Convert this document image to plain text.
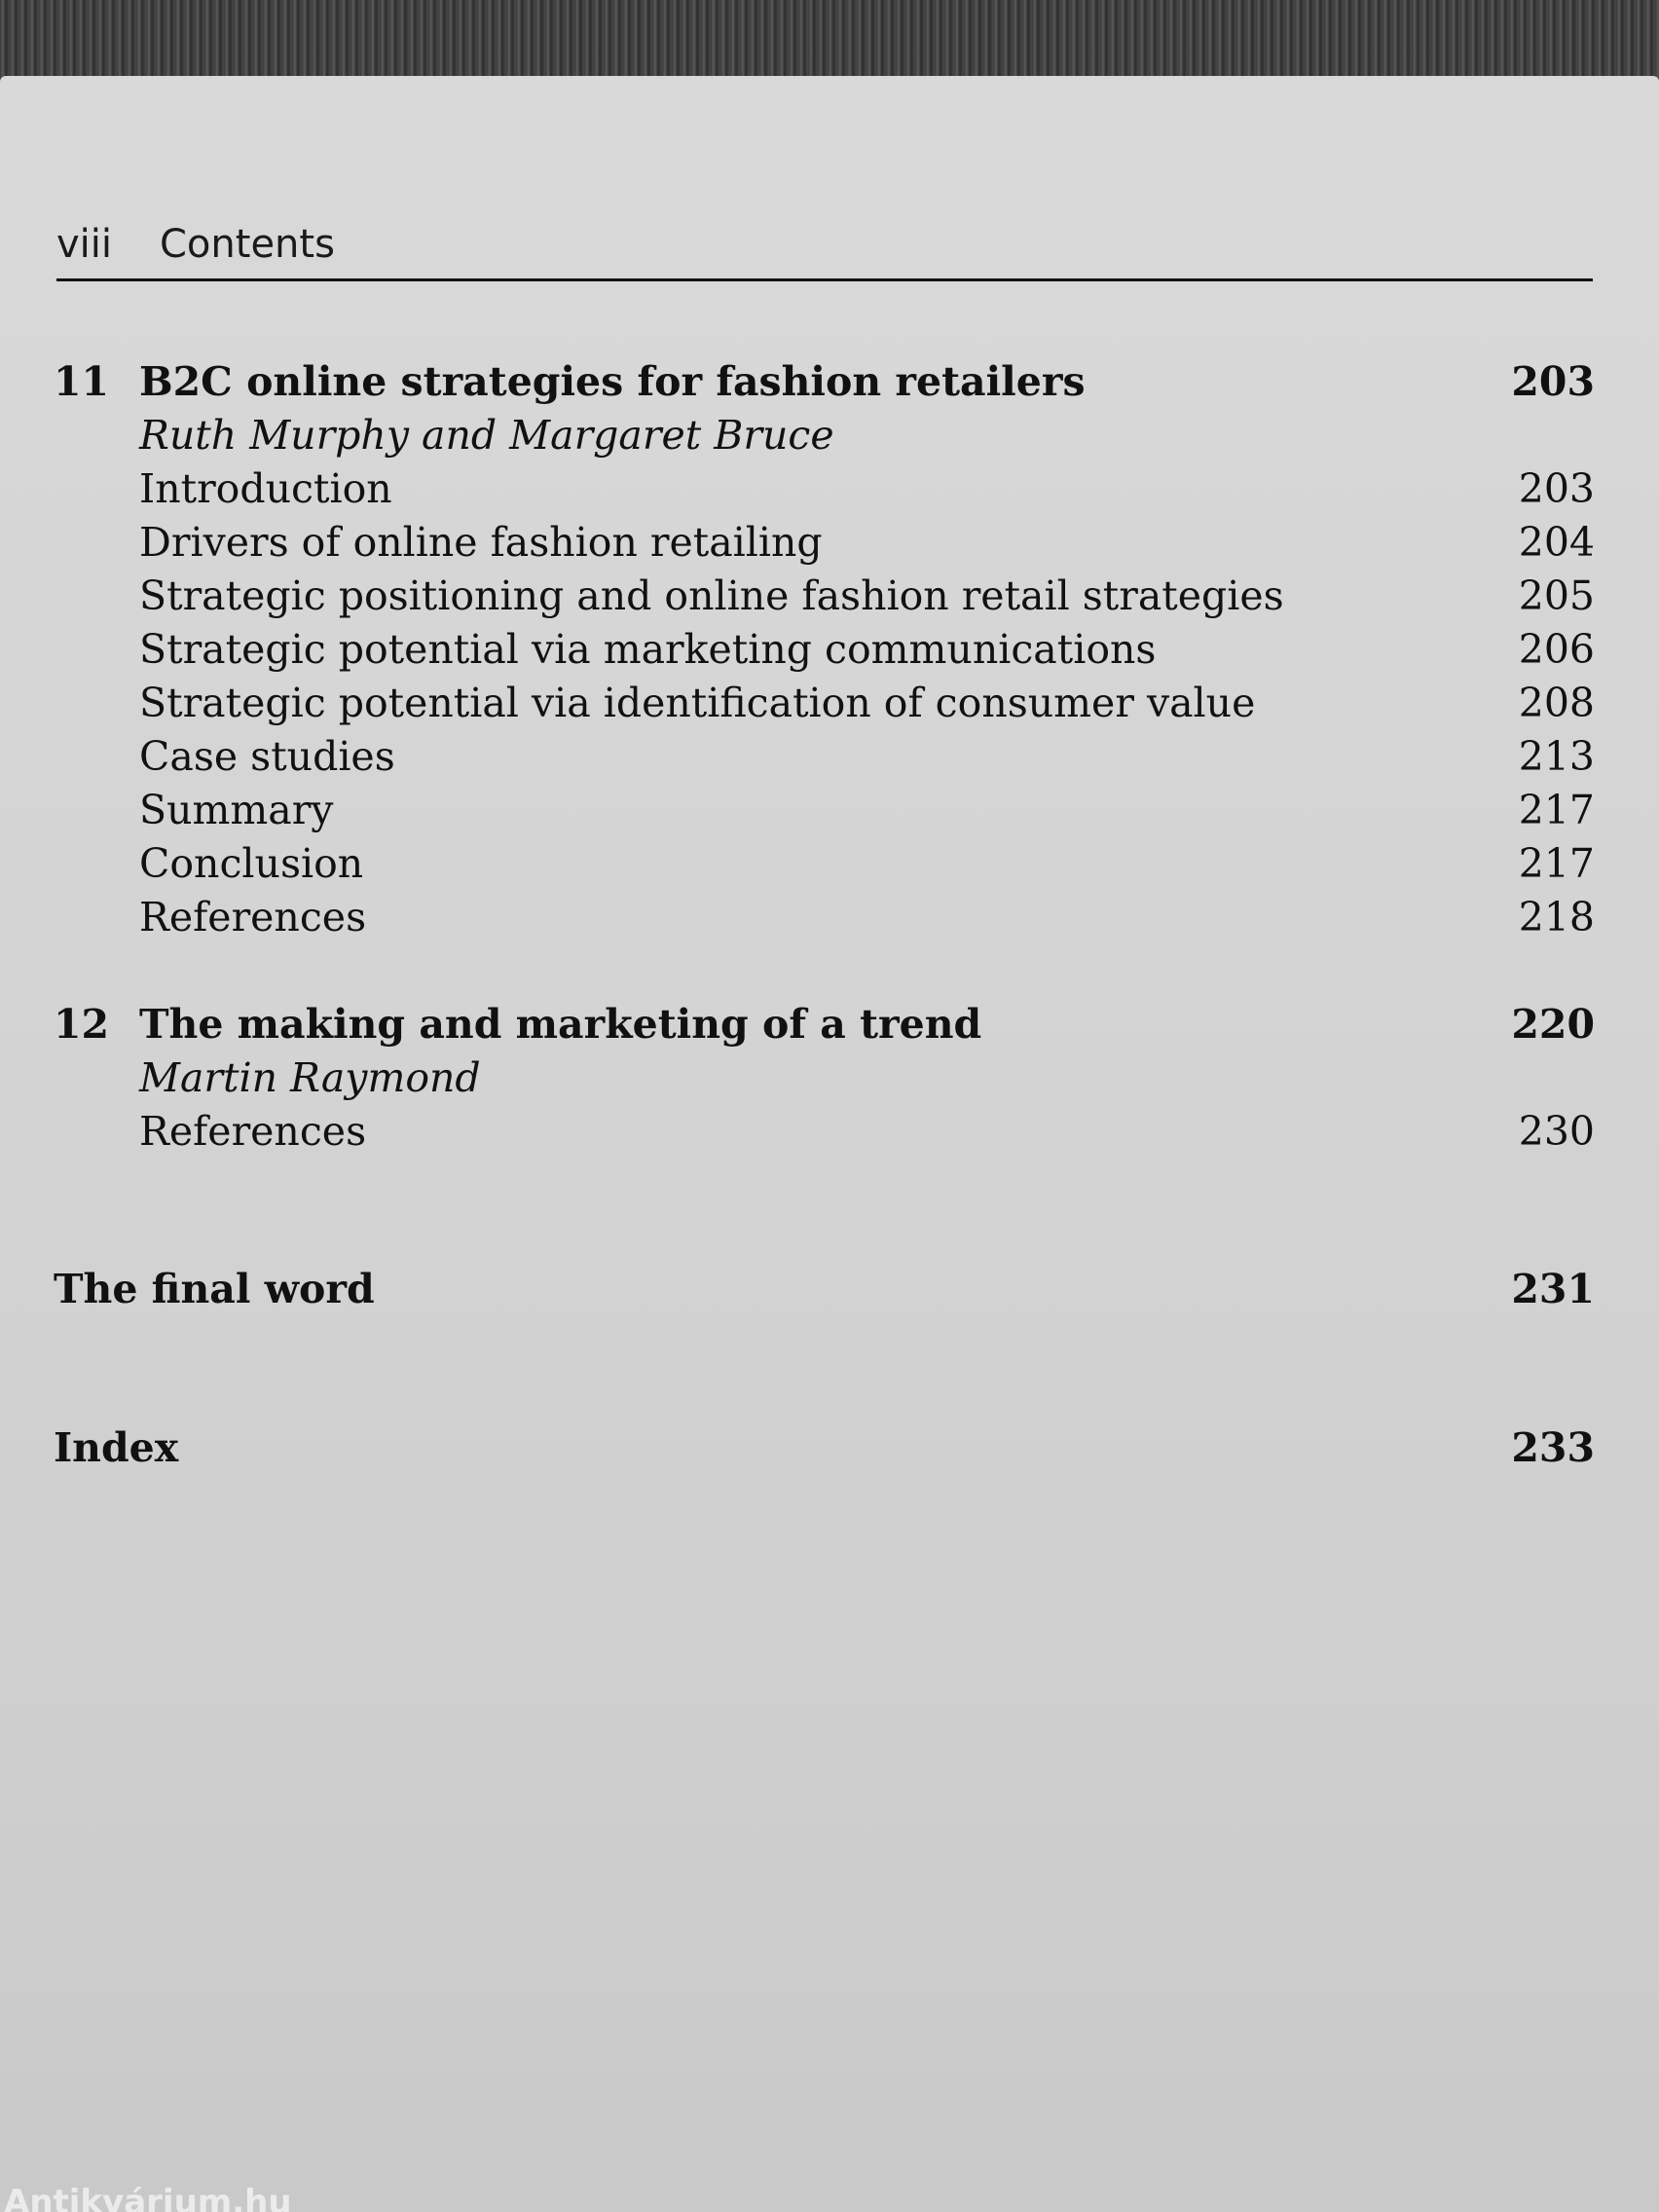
viii Contents
11 B2C online strategies for fashion retailers	203
Ruth Murphy and Margaret Bruce
Introduction	203
Drivers of online fashion retailing	204
Strategic positioning and online fashion retail strategies	205
Strategic potential via marketing communications	206
Strategic potential via identification of consumer value	208
Case studies	213
Summary	217
Conclusion	217
References	218
12 The making and marketing of a trend	220
Martin Raymond
References	230
The final word	231
Index	233
Antikvárium.hu
